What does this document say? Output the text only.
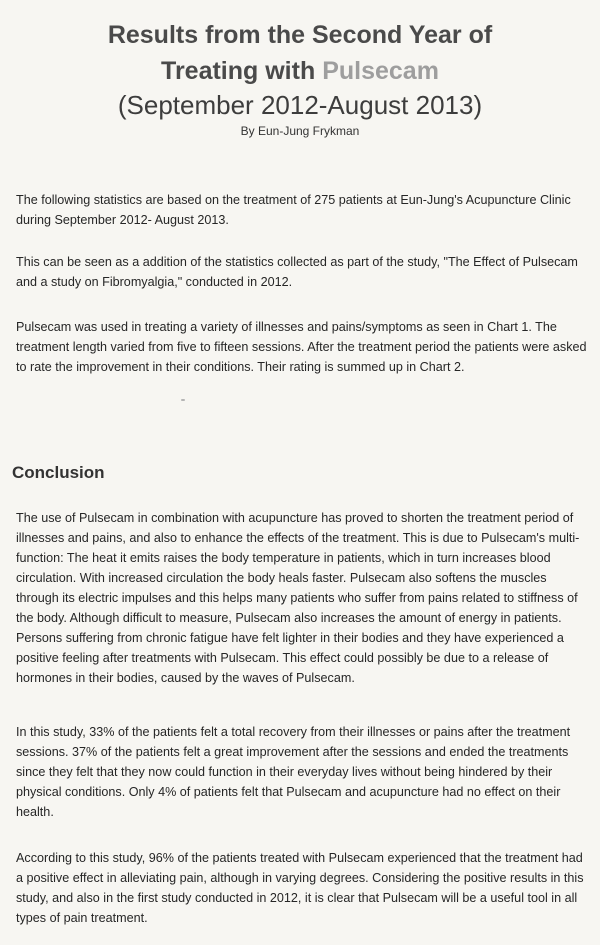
Results from the Second Year of
Treating with Pulsecam
(September 2012-August 2013)
By Eun-Jung Frykman

The following statistics are based on the treatment of 275 patients at Eun-Jung's Acupuncture Clinic during September 2012- August 2013.

This can be seen as a addition of the statistics collected as part of the study, "The Effect of Pulsecam and a study on Fibromyalgia," conducted in 2012.

Pulsecam was used in treating a variety of illnesses and pains/symptoms as seen in Chart 1. The treatment length varied from five to fifteen sessions. After the treatment period the patients were asked to rate the improvement in their conditions. Their rating is summed up in Chart 2.

Conclusion

The use of Pulsecam in combination with acupuncture has proved to shorten the treatment period of illnesses and pains, and also to enhance the effects of the treatment. This is due to Pulsecam's multi-function: The heat it emits raises the body temperature in patients, which in turn increases blood circulation. With increased circulation the body heals faster. Pulsecam also softens the muscles through its electric impulses and this helps many patients who suffer from pains related to stiffness of the body. Although difficult to measure, Pulsecam also increases the amount of energy in patients. Persons suffering from chronic fatigue have felt lighter in their bodies and they have experienced a positive feeling after treatments with Pulsecam. This effect could possibly be due to a release of hormones in their bodies, caused by the waves of Pulsecam.

In this study, 33% of the patients felt a total recovery from their illnesses or pains after the treatment sessions. 37% of the patients felt a great improvement after the sessions and ended the treatments since they felt that they now could function in their everyday lives without being hindered by their physical conditions. Only 4% of patients felt that Pulsecam and acupuncture had no effect on their health.

According to this study, 96% of the patients treated with Pulsecam experienced that the treatment had a positive effect in alleviating pain, although in varying degrees. Considering the positive results in this study, and also in the first study conducted in 2012, it is clear that Pulsecam will be a useful tool in all types of pain treatment.
